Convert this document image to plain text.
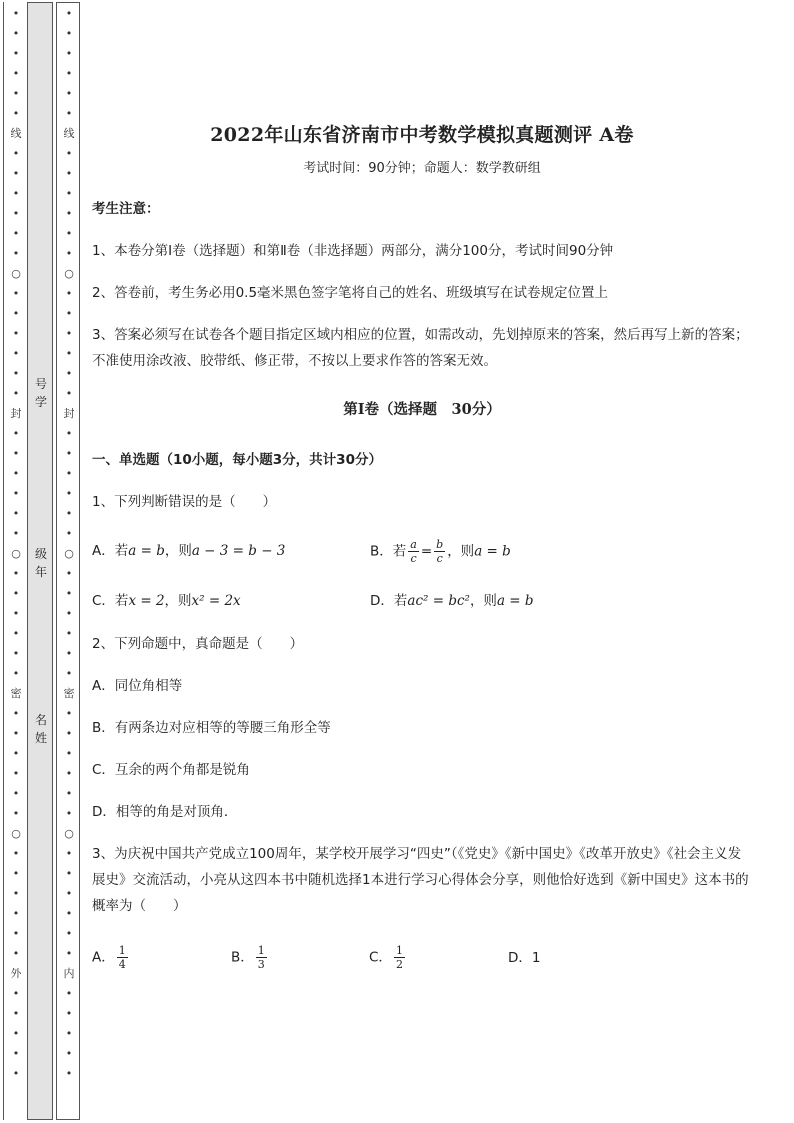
•
•
•
•
•
•
线
•
•
•
•
•
•
○
•
•
•
•
•
•
封
•
•
•
•
•
•
○
•
•
•
•
•
•
密
•
•
•
•
•
•
○
•
•
•
•
•
•
外
•
•
•
•
•
号
学
级
年
名
姓
•
•
•
•
•
•
线
•
•
•
•
•
•
○
•
•
•
•
•
•
封
•
•
•
•
•
•
○
•
•
•
•
•
•
密
•
•
•
•
•
•
○
•
•
•
•
•
•
内
•
•
•
•
•
2022年山东省济南市中考数学模拟真题测评 A卷
考试时间：90分钟；命题人：数学教研组
考生注意：
1、本卷分第I卷（选择题）和第Ⅱ卷（非选择题）两部分，满分100分，考试时间90分钟
2、答卷前，考生务必用0.5毫米黑色签字笔将自己的姓名、班级填写在试卷规定位置上
3、答案必须写在试卷各个题目指定区域内相应的位置，如需改动，先划掉原来的答案，然后再写上新的答案；不准使用涂改液、胶带纸、修正带，不按以上要求作答的答案无效。
第I卷（选择题　30分）
一、单选题（10小题，每小题3分，共计30分）
1、下列判断错误的是（　　）
A．若a = b，则a − 3 = b − 3	B．若 $\frac{a}{c} = \frac{b}{c}$ ，则a = b
C．若x = 2，则x² = 2x	D．若ac² = bc²，则a = b
2、下列命题中，真命题是（　　）
A．同位角相等
B．有两条边对应相等的等腰三角形全等
C．互余的两个角都是锐角
D．相等的角是对顶角．
3、为庆祝中国共产党成立100周年，某学校开展学习“四史”（《党史》《新中国史》《改革开放史》《社会主义发展史》交流活动，小亮从这四本书中随机选择1本进行学习心得体会分享，则他恰好选到《新中国史》这本书的概率为（　　）
A． $\frac{1}{4}$	B． $\frac{1}{3}$	C． $\frac{1}{2}$	D．1
